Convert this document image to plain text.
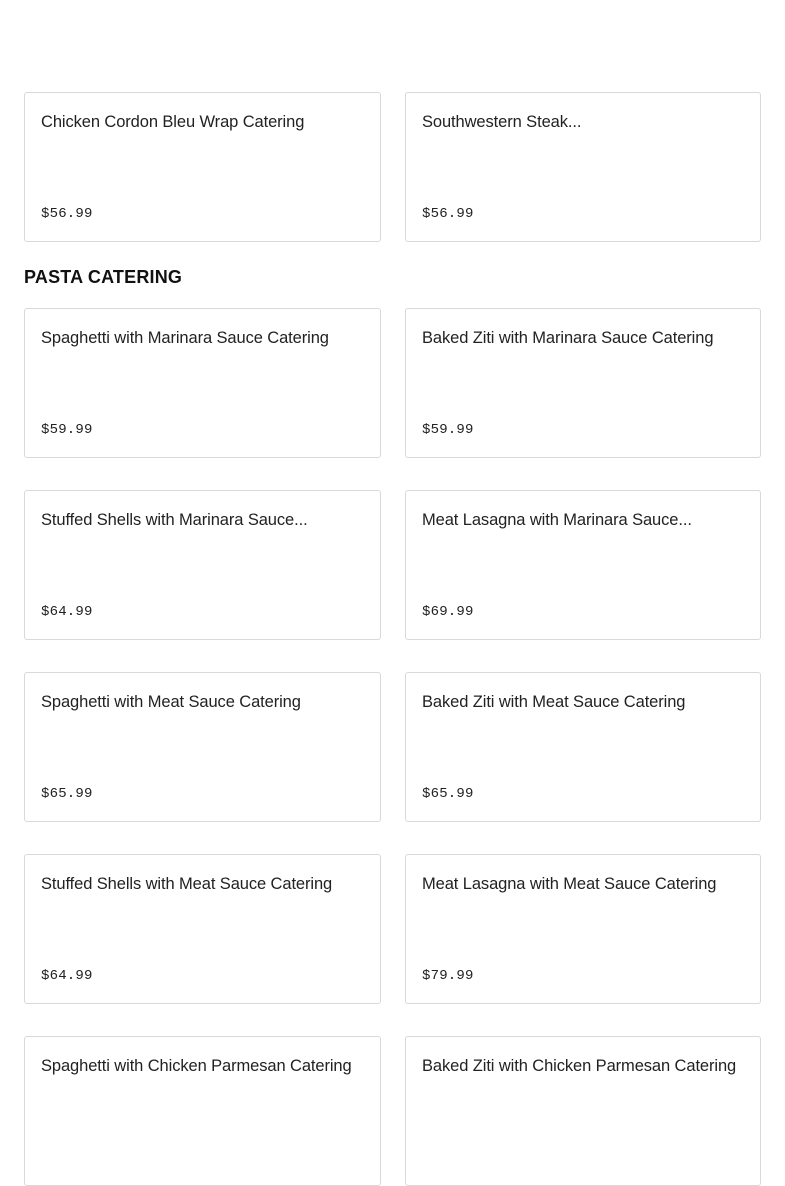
Chicken Cordon Bleu Wrap Catering
$56.99
Southwestern Steak...
$56.99
PASTA CATERING
Spaghetti with Marinara Sauce Catering
$59.99
Baked Ziti with Marinara Sauce Catering
$59.99
Stuffed Shells with Marinara Sauce...
$64.99
Meat Lasagna with Marinara Sauce...
$69.99
Spaghetti with Meat Sauce Catering
$65.99
Baked Ziti with Meat Sauce Catering
$65.99
Stuffed Shells with Meat Sauce Catering
$64.99
Meat Lasagna with Meat Sauce Catering
$79.99
Spaghetti with Chicken Parmesan Catering	Baked Ziti with Chicken Parmesan Catering
